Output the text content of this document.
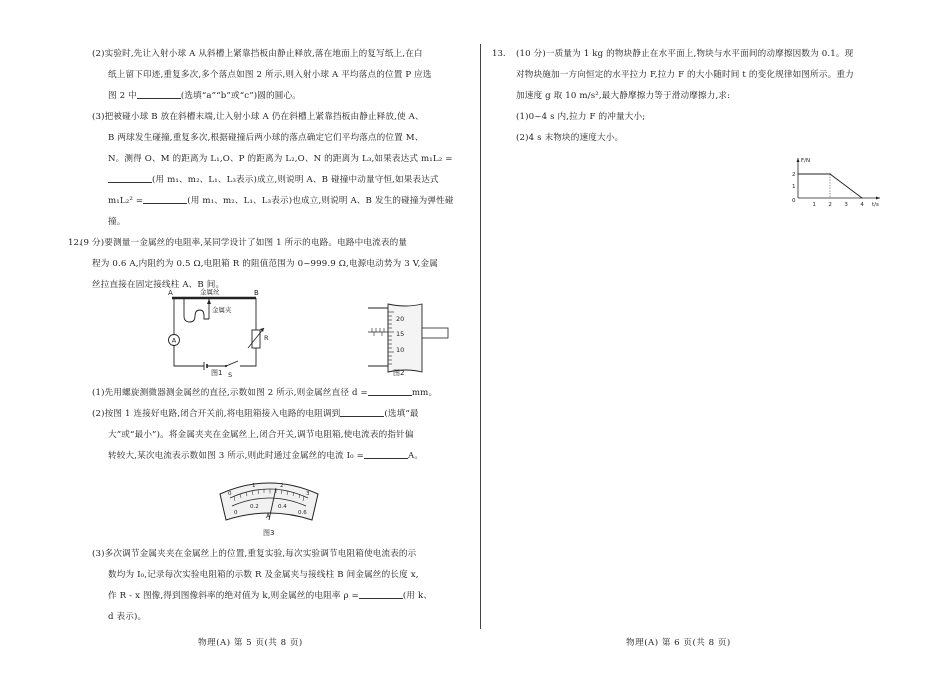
(2)实验时,先让入射小球 A 从斜槽上紧靠挡板由静止释放,落在地面上的复写纸上,在白

纸上留下印迹,重复多次,多个落点如图 2 所示,则入射小球 A 平均落点的位置 P 应选

图 2 中	(选填“a”“b”或“c”)圆的圆心。

(3)把被碰小球 B 放在斜槽末端,让入射小球 A 仍在斜槽上紧靠挡板由静止释放,使 A、

B 两球发生碰撞,重复多次,根据碰撞后两小球的落点确定它们平均落点的位置 M、

N。测得 O、M 的距离为 L₁,O、P 的距离为 L₂,O、N 的距离为 L₃,如果表达式 m₁L₂ =

(用 m₁、m₂、L₁、L₃表示)成立,则说明 A、B 碰撞中动量守恒,如果表达式

m₁L₂² =	(用 m₁、m₂、L₁、L₃表示)也成立,则说明 A、B 发生的碰撞为弹性碰撞。

12.

(9 分)要测量一金属丝的电阻率,某同学设计了如图 1 所示的电路。电路中电流表的量

程为 0.6 A,内阻约为 0.5 Ω,电阻箱 R 的阻值范围为 0~999.9 Ω,电源电动势为 3 V,金属

丝拉直接在固定接线柱 A、B 间。

A	B
金属丝
金属夹
A
S
R
图1
20
15
10
图2

(1)先用螺旋测微器测金属丝的直径,示数如图 2 所示,则金属丝直径 d =	mm。

(2)按图 1 连接好电路,闭合开关前,将电阻箱接入电路的电阻调到	(选填“最

大”或“最小”)。将金属夹夹在金属丝上,闭合开关,调节电阻箱,使电流表的指针偏

转较大,某次电流表示数如图 3 所示,则此时通过金属丝的电流 I₀ =	A。

0
1	2
3
0
0.2	0.4
0.6
A
图3

(3)多次调节金属夹夹在金属丝上的位置,重复实验,每次实验调节电阻箱使电流表的示

数均为 I₀,记录每次实验电阻箱的示数 R 及金属夹与接线柱 B 间金属丝的长度 x,

作 R - x 图像,得到图像斜率的绝对值为 k,则金属丝的电阻率 ρ =	(用 k、

d 表示)。

物理(A) 第 5 页(共 8 页)
13. (10 分)一质量为 1 kg 的物块静止在水平面上,物块与水平面间的动摩擦因数为 0.1。现

对物块施加一方向恒定的水平拉力 F,拉力 F 的大小随时间 t 的变化规律如图所示。重力

加速度 g 取 10 m/s²,最大静摩擦力等于滑动摩擦力,求:

(1)0~4 s 内,拉力 F 的冲量大小;

(2)4 s 末物块的速度大小。

F/N
t/s
0
1 2 3 4
1
2
物理(A) 第 6 页(共 8 页)
